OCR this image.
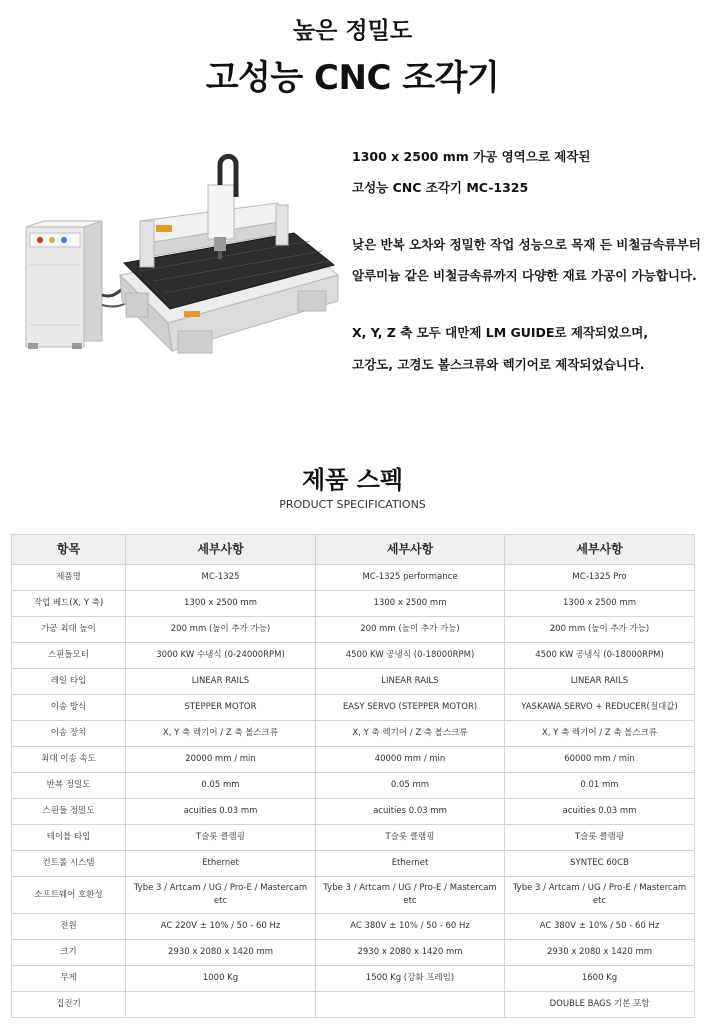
높은 정밀도
고성능 CNC 조각기
1300 x 2500 mm 가공 영역으로 제작된
고성능 CNC 조각기 MC-1325
낮은 반복 오차와 정밀한 작업 성능으로 목재 든 비철금속류부터
알루미늄 같은 비철금속류까지 다양한 재료 가공이 가능합니다.
X, Y, Z 축 모두 대만제 LM GUIDE로 제작되었으며,
고강도, 고경도 볼스크류와 렉기어로 제작되었습니다.
제품 스펙
PRODUCT SPECIFICATIONS
항목	세부사항	세부사항	세부사항
제품명	MC-1325	MC-1325 performance	MC-1325 Pro
작업 베드(X, Y 축)	1300 x 2500 mm	1300 x 2500 mm	1300 x 2500 mm
가공 최대 높이	200 mm (높이 추가 가능)	200 mm (높이 추가 가능)	200 mm (높이 추가 가능)
스핀들모터	3000 KW 수냉식 (0-24000RPM)	4500 KW 공냉식 (0-18000RPM)	4500 KW 공냉식 (0-18000RPM)
레일 타입	LINEAR RAILS	LINEAR RAILS	LINEAR RAILS
이송 방식	STEPPER MOTOR	EASY SERVO (STEPPER MOTOR)	YASKAWA SERVO + REDUCER(절대값)
이송 장치	X, Y 축 렉기어 / Z 축 볼스크류	X, Y 축 렉기어 / Z 축 볼스크류	X, Y 축 렉기어 / Z 축 볼스크류
최대 이송 속도	20000 mm / min	40000 mm / min	60000 mm / min
반복 정밀도	0.05 mm	0.05 mm	0.01 mm
스핀들 정밀도	acuities 0.03 mm	acuities 0.03 mm	acuities 0.03 mm
테이블 타입	T슬롯 클램핑	T슬롯 클램핑	T슬롯 클램핑
컨트롤 시스템	Ethernet	Ethernet	SYNTEC 60CB
소프트웨어 호환성	Tybe 3 / Artcam / UG / Pro-E / Mastercam etc	Tybe 3 / Artcam / UG / Pro-E / Mastercam etc	Tybe 3 / Artcam / UG / Pro-E / Mastercam etc
전원	AC 220V ± 10% / 50 - 60 Hz	AC 380V ± 10% / 50 - 60 Hz	AC 380V ± 10% / 50 - 60 Hz
크기	2930 x 2080 x 1420 mm	2930 x 2080 x 1420 mm	2930 x 2080 x 1420 mm
무게	1000 Kg	1500 Kg (강화 프레임)	1600 Kg
집진기			DOUBLE BAGS 기본 포함
